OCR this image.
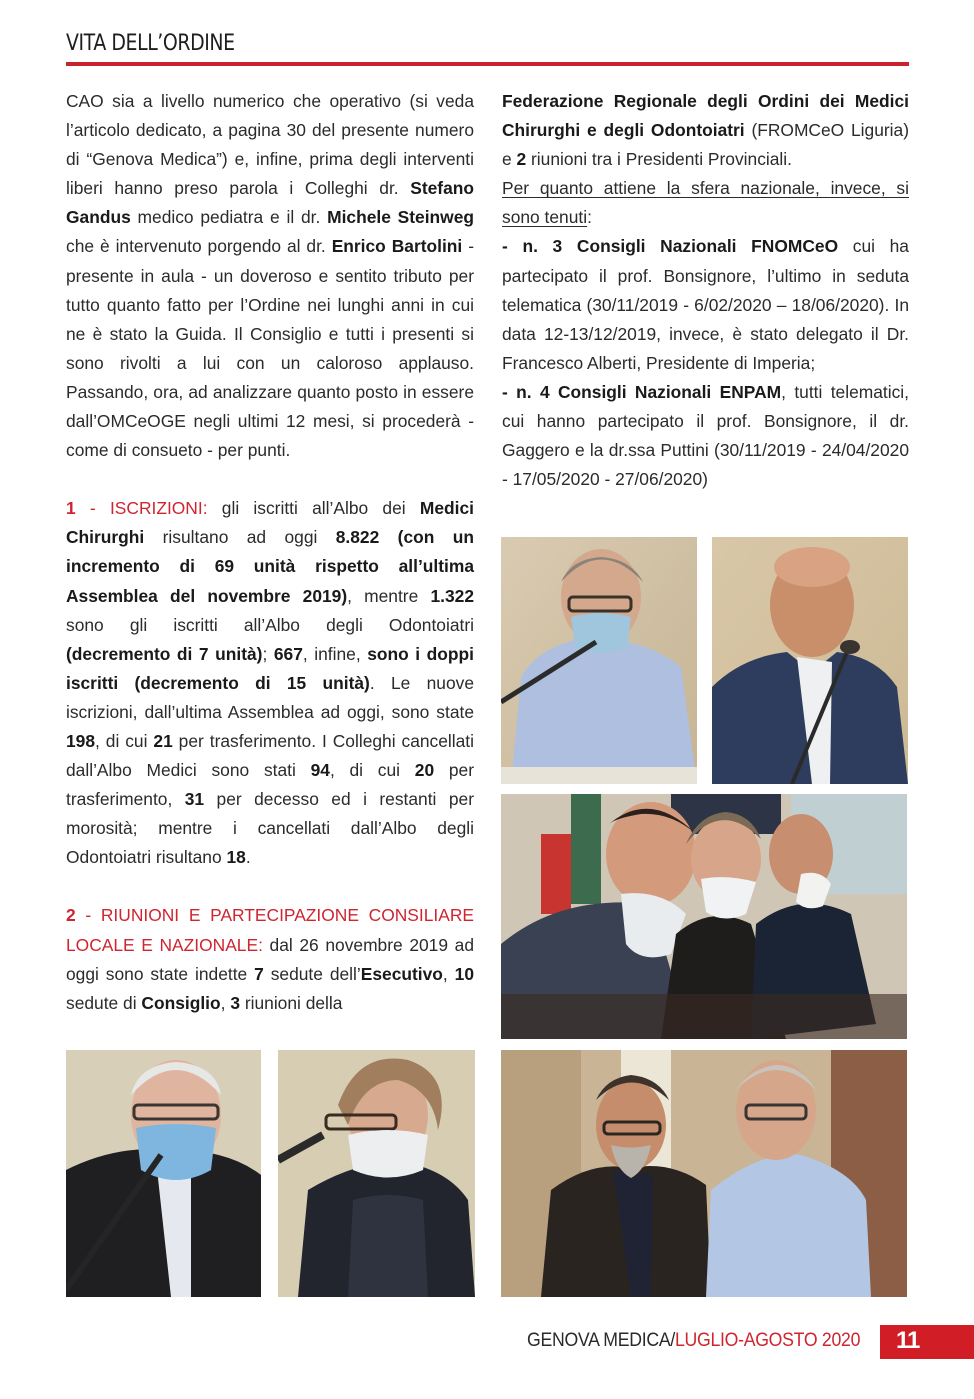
VITA DELL’ORDINE

CAO sia a livello numerico che operativo (si veda l’articolo dedicato, a pagina 30 del presente numero di “Genova Medica”) e, infine, prima degli interventi liberi hanno preso parola i Colleghi dr. Stefano Gandus medico pediatra e il dr. Michele Steinweg che è intervenuto porgendo al dr. Enrico Bartolini - presente in aula - un doveroso e sentito tributo per tutto quanto fatto per l’Ordine nei lunghi anni in cui ne è stato la Guida. Il Consiglio e tutti i presenti si sono rivolti a lui con un caloroso applauso. Passando, ora, ad analizzare quanto posto in essere dall’OMCeOGE negli ultimi 12 mesi, si procederà - come di consueto - per punti.

1 - ISCRIZIONI: gli iscritti all’Albo dei Medici Chirurghi risultano ad oggi 8.822 (con un incremento di 69 unità rispetto all’ultima Assemblea del novembre 2019), mentre 1.322 sono gli iscritti all’Albo degli Odontoiatri (decremento di 7 unità); 667, infine, sono i doppi iscritti (decremento di 15 unità). Le nuove iscrizioni, dall’ultima Assemblea ad oggi, sono state 198, di cui 21 per trasferimento. I Colleghi cancellati dall’Albo Medici sono stati 94, di cui 20 per trasferimento, 31 per decesso ed i restanti per morosità; mentre i cancellati dall’Albo degli Odontoiatri risultano 18.

2 - RIUNIONI E PARTECIPAZIONE CONSILIARE LOCALE E NAZIONALE: dal 26 novembre 2019 ad oggi sono state indette 7 sedute dell’Esecutivo, 10 sedute di Consiglio, 3 riunioni della

Federazione Regionale degli Ordini dei Medici Chirurghi e degli Odontoiatri (FROMCeO Liguria) e 2 riunioni tra i Presidenti Provinciali.

Per quanto attiene la sfera nazionale, invece, si sono tenuti:

- n. 3 Consigli Nazionali FNOMCeO cui ha partecipato il prof. Bonsignore, l’ultimo in seduta telematica (30/11/2019 - 6/02/2020 – 18/06/2020). In data 12-13/12/2019, invece, è stato delegato il Dr. Francesco Alberti, Presidente di Imperia;

- n. 4 Consigli Nazionali ENPAM, tutti telematici, cui hanno partecipato il prof. Bonsignore, il dr. Gaggero e la dr.ssa Puttini (30/11/2019 - 24/04/2020 - 17/05/2020 - 27/06/2020)

GENOVA MEDICA/LUGLIO-AGOSTO 2020 11
